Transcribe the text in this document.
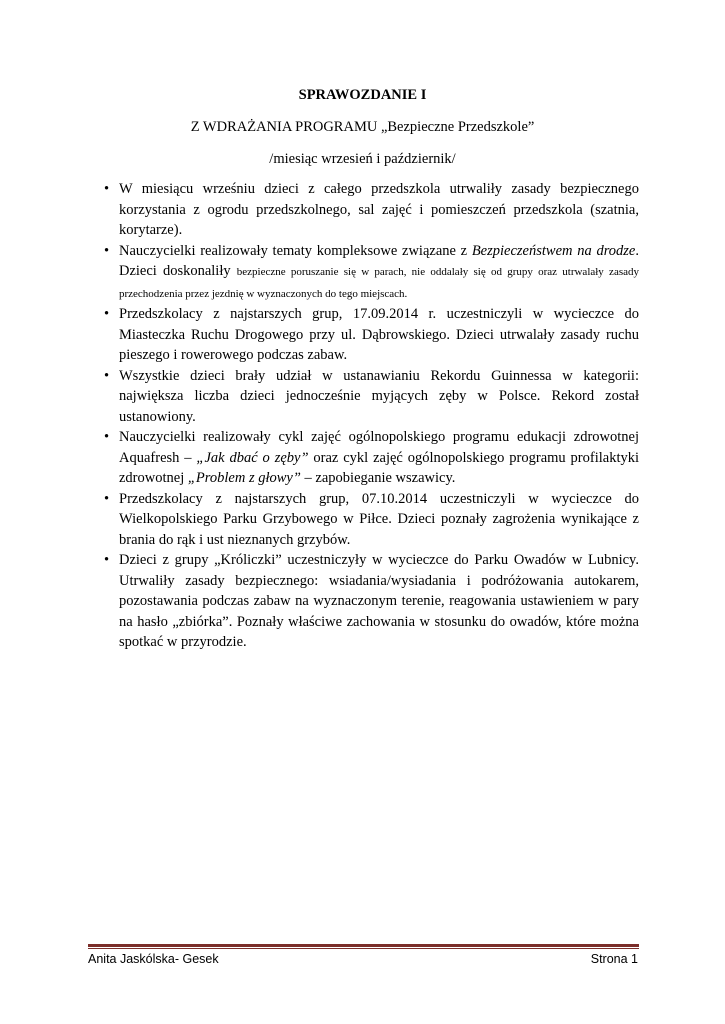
SPRAWOZDANIE I
Z WDRAŻANIA PROGRAMU „Bezpieczne Przedszkole”
/miesiąc wrzesień i październik/
• W miesiącu wrześniu dzieci z całego przedszkola utrwaliły zasady bezpiecznego korzystania z ogrodu przedszkolnego, sal zajęć i pomieszczeń przedszkola (szatnia, korytarze).
• Nauczycielki realizowały tematy kompleksowe związane z Bezpieczeństwem na drodze. Dzieci doskonaliły bezpieczne poruszanie się w parach, nie oddalały się od grupy oraz utrwalały zasady przechodzenia przez jezdnię w wyznaczonych do tego miejscach.
• Przedszkolacy z najstarszych grup, 17.09.2014 r. uczestniczyli w wycieczce do Miasteczka Ruchu Drogowego przy ul. Dąbrowskiego. Dzieci utrwalały zasady ruchu pieszego i rowerowego podczas zabaw.
• Wszystkie dzieci brały udział w ustanawianiu Rekordu Guinnessa w kategorii: największa liczba dzieci jednocześnie myjących zęby w Polsce. Rekord został ustanowiony.
• Nauczycielki realizowały cykl zajęć ogólnopolskiego programu edukacji zdrowotnej Aquafresh – „Jak dbać o zęby” oraz cykl zajęć ogólnopolskiego programu profilaktyki zdrowotnej „Problem z głowy” – zapobieganie wszawicy.
• Przedszkolacy z najstarszych grup, 07.10.2014 uczestniczyli w wycieczce do Wielkopolskiego Parku Grzybowego w Piłce. Dzieci poznały zagrożenia wynikające z brania do rąk i ust nieznanych grzybów.
• Dzieci z grupy „Króliczki” uczestniczyły w wycieczce do Parku Owadów w Lubnicy. Utrwaliły zasady bezpiecznego: wsiadania/wysiadania i podróżowania autokarem, pozostawania podczas zabaw na wyznaczonym terenie, reagowania ustawieniem w pary na hasło „zbiórka”. Poznały właściwe zachowania w stosunku do owadów, które można spotkać w przyrodzie.
Anita Jaskólska- Gesek	Strona 1
